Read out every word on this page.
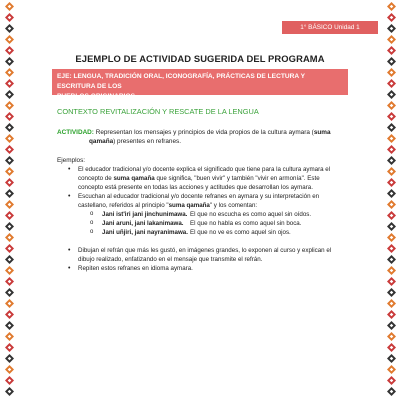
1° BÁSICO Unidad 1
EJEMPLO DE ACTIVIDAD SUGERIDA DEL PROGRAMA
EJE: LENGUA, TRADICIÓN ORAL, ICONOGRAFÍA, PRÁCTICAS DE LECTURA Y ESCRITURA DE LOS
PUEBLOS ORIGINARIOS.
CONTEXTO REVITALIZACIÓN Y RESCATE DE LA LENGUA
ACTIVIDAD: Representan los mensajes y principios de vida propios de la cultura aymara (suma
qamaña) presentes en refranes.
Ejemplos:
• El educador tradicional y/o docente explica el significado que tiene para la cultura aymara el concepto de suma qamaña que significa, "buen vivir" y también "vivir en armonía". Este concepto está presente en todas las acciones y actitudes que desarrollan los aymara.
• Escuchan al educador tradicional y/o docente refranes en aymara y su interpretación en castellano, referidos al principio "suma qamaña" y los comentan:
o Jani ist'iri jani jinchunimawa. El que no escucha es como aquel sin oídos.
o Jani aruni, jani lakanimawa. El que no habla es como aquel sin boca.
o Jani uñjiri, jani nayranimawa. El que no ve es como aquel sin ojos.
• Dibujan el refrán que más les gustó, en imágenes grandes, lo exponen al curso y explican el dibujo realizado, enfatizando en el mensaje que transmite el refrán.
• Repiten estos refranes en idioma aymara.
